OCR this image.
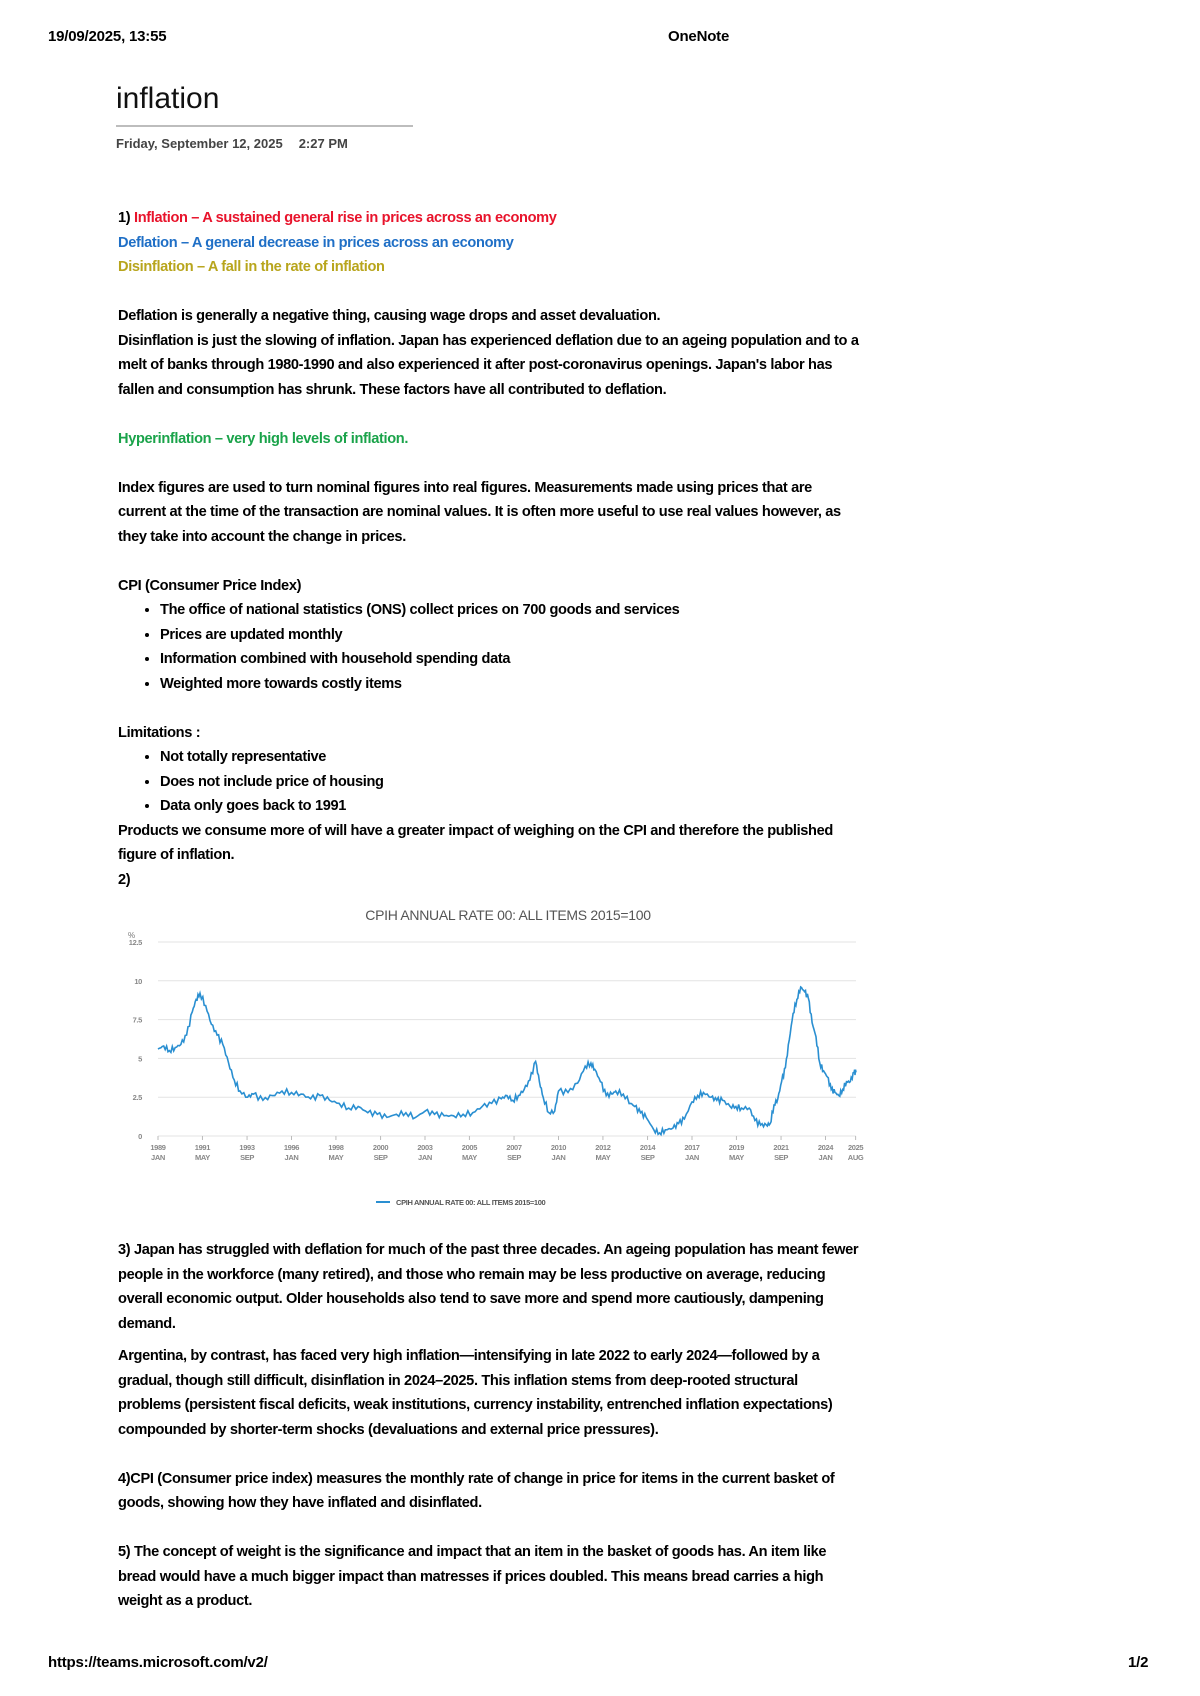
19/09/2025, 13:55	OneNote
inflation
Friday, September 12, 2025 2:27 PM

1) Inflation – A sustained general rise in prices across an economy

Deflation – A general decrease in prices across an economy

Disinflation – A fall in the rate of inflation

Deflation is generally a negative thing, causing wage drops and asset devaluation.

Disinflation is just the slowing of inflation. Japan has experienced deflation due to an ageing population and to a melt of banks through 1980-1990 and also experienced it after post-coronavirus openings. Japan's labor has fallen and consumption has shrunk. These factors have all contributed to deflation.

Hyperinflation – very high levels of inflation.

Index figures are used to turn nominal figures into real figures. Measurements made using prices that are current at the time of the transaction are nominal values. It is often more useful to use real values however, as they take into account the change in prices.

CPI (Consumer Price Index)

• The office of national statistics (ONS) collect prices on 700 goods and services
• Prices are updated monthly
• Information combined with household spending data
• Weighted more towards costly items

Limitations :

• Not totally representative
• Does not include price of housing
• Data only goes back to 1991

Products we consume more of will have a greater impact of weighing on the CPI and therefore the published figure of inflation.

2)

CPIH ANNUAL RATE 00: ALL ITEMS 2015=100
%
0
2.5
5
7.5
10
12.5
1989
JAN
1991
MAY
1993
SEP
1996
JAN
1998
MAY
2000
SEP
2003
JAN
2005
MAY
2007
SEP
2010
JAN
2012
MAY
2014
SEP
2017
JAN
2019
MAY
2021
SEP
2024
JAN
2025
AUG
CPIH ANNUAL RATE 00: ALL ITEMS 2015=100

3) Japan has struggled with deflation for much of the past three decades. An ageing population has meant fewer people in the workforce (many retired), and those who remain may be less productive on average, reducing overall economic output. Older households also tend to save more and spend more cautiously, dampening demand.

Argentina, by contrast, has faced very high inflation—intensifying in late 2022 to early 2024—followed by a gradual, though still difficult, disinflation in 2024–2025. This inflation stems from deep-rooted structural problems (persistent fiscal deficits, weak institutions, currency instability, entrenched inflation expectations) compounded by shorter-term shocks (devaluations and external price pressures).

4)CPI (Consumer price index) measures the monthly rate of change in price for items in the current basket of goods, showing how they have inflated and disinflated.

5) The concept of weight is the significance and impact that an item in the basket of goods has. An item like bread would have a much bigger impact than matresses if prices doubled. This means bread carries a high weight as a product.

https://teams.microsoft.com/v2/	1/2
